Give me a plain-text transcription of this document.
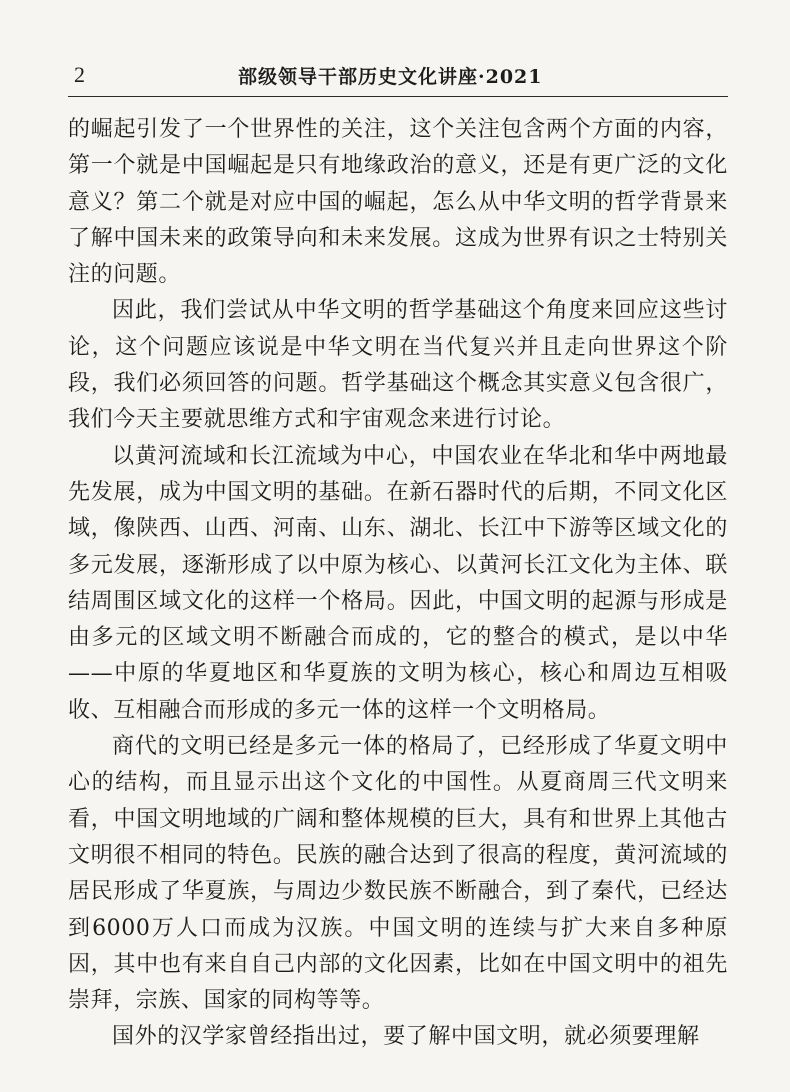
2	部级领导干部历史文化讲座·2021

的崛起引发了一个世界性的关注，这个关注包含两个方面的内容，第一个就是中国崛起是只有地缘政治的意义，还是有更广泛的文化意义？第二个就是对应中国的崛起，怎么从中华文明的哲学背景来了解中国未来的政策导向和未来发展。这成为世界有识之士特别关注的问题。

因此，我们尝试从中华文明的哲学基础这个角度来回应这些讨论，这个问题应该说是中华文明在当代复兴并且走向世界这个阶段，我们必须回答的问题。哲学基础这个概念其实意义包含很广，我们今天主要就思维方式和宇宙观念来进行讨论。

以黄河流域和长江流域为中心，中国农业在华北和华中两地最先发展，成为中国文明的基础。在新石器时代的后期，不同文化区域，像陕西、山西、河南、山东、湖北、长江中下游等区域文化的多元发展，逐渐形成了以中原为核心、以黄河长江文化为主体、联结周围区域文化的这样一个格局。因此，中国文明的起源与形成是由多元的区域文明不断融合而成的，它的整合的模式，是以中华——中原的华夏地区和华夏族的文明为核心，核心和周边互相吸收、互相融合而形成的多元一体的这样一个文明格局。

商代的文明已经是多元一体的格局了，已经形成了华夏文明中心的结构，而且显示出这个文化的中国性。从夏商周三代文明来看，中国文明地域的广阔和整体规模的巨大，具有和世界上其他古文明很不相同的特色。民族的融合达到了很高的程度，黄河流域的居民形成了华夏族，与周边少数民族不断融合，到了秦代，已经达到6000万人口而成为汉族。中国文明的连续与扩大来自多种原因，其中也有来自自己内部的文化因素，比如在中国文明中的祖先崇拜，宗族、国家的同构等等。

国外的汉学家曾经指出过，要了解中国文明，就必须要理解
